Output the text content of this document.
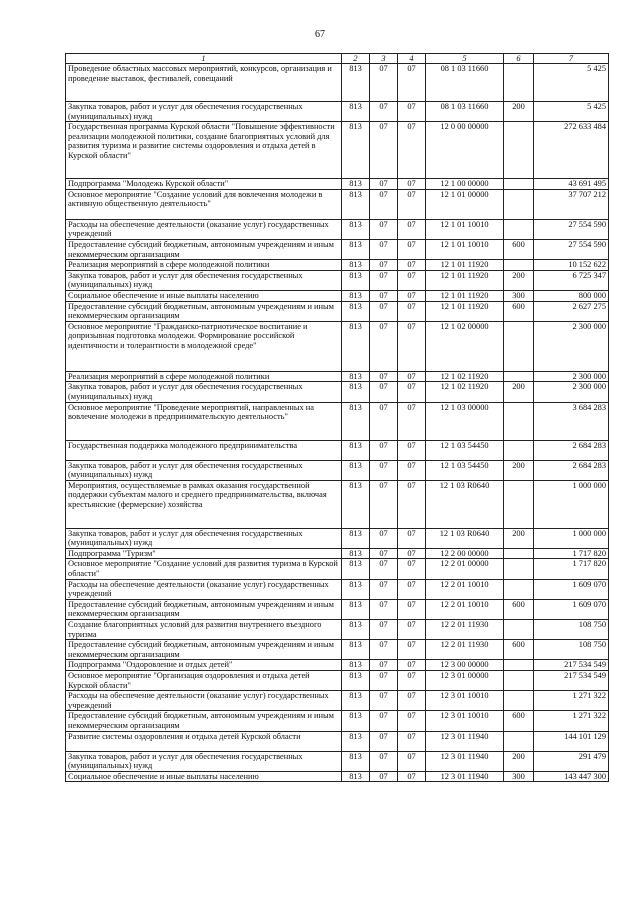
67
1	2	3	4	5	6	7
Проведение областных массовых мероприятий, конкурсов, организация и проведение выставок, фестивалей, совещаний	813	07	07	08 1 03 11660		5 425
Закупка товаров, работ и услуг для обеспечения государственных (муниципальных) нужд	813	07	07	08 1 03 11660	200	5 425
Государственная программа Курской области "Повышение эффективности реализации молодежной политики, создание благоприятных условий для развития туризма и развитие системы оздоровления и отдыха детей в Курской области"	813	07	07	12 0 00 00000		272 633 484
Подпрограмма "Молодежь Курской области"	813	07	07	12 1 00 00000		43 691 495
Основное мероприятие "Создание условий для вовлечения молодежи в активную общественную деятельность"	813	07	07	12 1 01 00000		37 707 212
Расходы на обеспечение деятельности (оказание услуг) государственных учреждений	813	07	07	12 1 01 10010		27 554 590
Предоставление субсидий бюджетным, автономным учреждениям и иным некоммерческим организациям	813	07	07	12 1 01 10010	600	27 554 590
Реализация мероприятий в сфере молодежной политики	813	07	07	12 1 01 11920		10 152 622
Закупка товаров, работ и услуг для обеспечения государственных (муниципальных) нужд	813	07	07	12 1 01 11920	200	6 725 347
Социальное обеспечение и иные выплаты населению	813	07	07	12 1 01 11920	300	800 000
Предоставление субсидий бюджетным, автономным учреждениям и иным некоммерческим организациям	813	07	07	12 1 01 11920	600	2 627 275
Основное мероприятие "Гражданско-патриотическое воспитание и допризывная подготовка молодежи. Формирование российской идентичности и толерантности в молодежной среде"	813	07	07	12 1 02 00000		2 300 000
Реализация мероприятий в сфере молодежной политики	813	07	07	12 1 02 11920		2 300 000
Закупка товаров, работ и услуг для обеспечения государственных (муниципальных) нужд	813	07	07	12 1 02 11920	200	2 300 000
Основное мероприятие "Проведение мероприятий, направленных на вовлечение молодежи в предпринимательскую деятельность"	813	07	07	12 1 03 00000		3 684 283
Государственная поддержка молодежного предпринимательства	813	07	07	12 1 03 54450		2 684 283
Закупка товаров, работ и услуг для обеспечения государственных (муниципальных) нужд	813	07	07	12 1 03 54450	200	2 684 283
Мероприятия, осуществляемые в рамках оказания государственной поддержки субъектам малого и среднего предпринимательства, включая крестьянские (фермерские) хозяйства	813	07	07	12 1 03 R0640		1 000 000
Закупка товаров, работ и услуг для обеспечения государственных (муниципальных) нужд	813	07	07	12 1 03 R0640	200	1 000 000
Подпрограмма "Туризм"	813	07	07	12 2 00 00000		1 717 820
Основное мероприятие "Создание условий для развития туризма в Курской области"	813	07	07	12 2 01 00000		1 717 820
Расходы на обеспечение деятельности (оказание услуг) государственных учреждений	813	07	07	12 2 01 10010		1 609 070
Предоставление субсидий бюджетным, автономным учреждениям и иным некоммерческим организациям	813	07	07	12 2 01 10010	600	1 609 070
Создание благоприятных условий для развития внутреннего въездного туризма	813	07	07	12 2 01 11930		108 750
Предоставление субсидий бюджетным, автономным учреждениям и иным некоммерческим организациям	813	07	07	12 2 01 11930	600	108 750
Подпрограмма "Оздоровление и отдых детей"	813	07	07	12 3 00 00000		217 534 549
Основное мероприятие "Организация оздоровления и отдыха детей Курской области"	813	07	07	12 3 01 00000		217 534 549
Расходы на обеспечение деятельности (оказание услуг) государственных учреждений	813	07	07	12 3 01 10010		1 271 322
Предоставление субсидий бюджетным, автономным учреждениям и иным некоммерческим организациям	813	07	07	12 3 01 10010	600	1 271 322
Развитие системы оздоровления и отдыха детей Курской области	813	07	07	12 3 01 11940		144 101 129
Закупка товаров, работ и услуг для обеспечения государственных (муниципальных) нужд	813	07	07	12 3 01 11940	200	291 479
Социальное обеспечение и иные выплаты населению	813	07	07	12 3 01 11940	300	143 447 300
